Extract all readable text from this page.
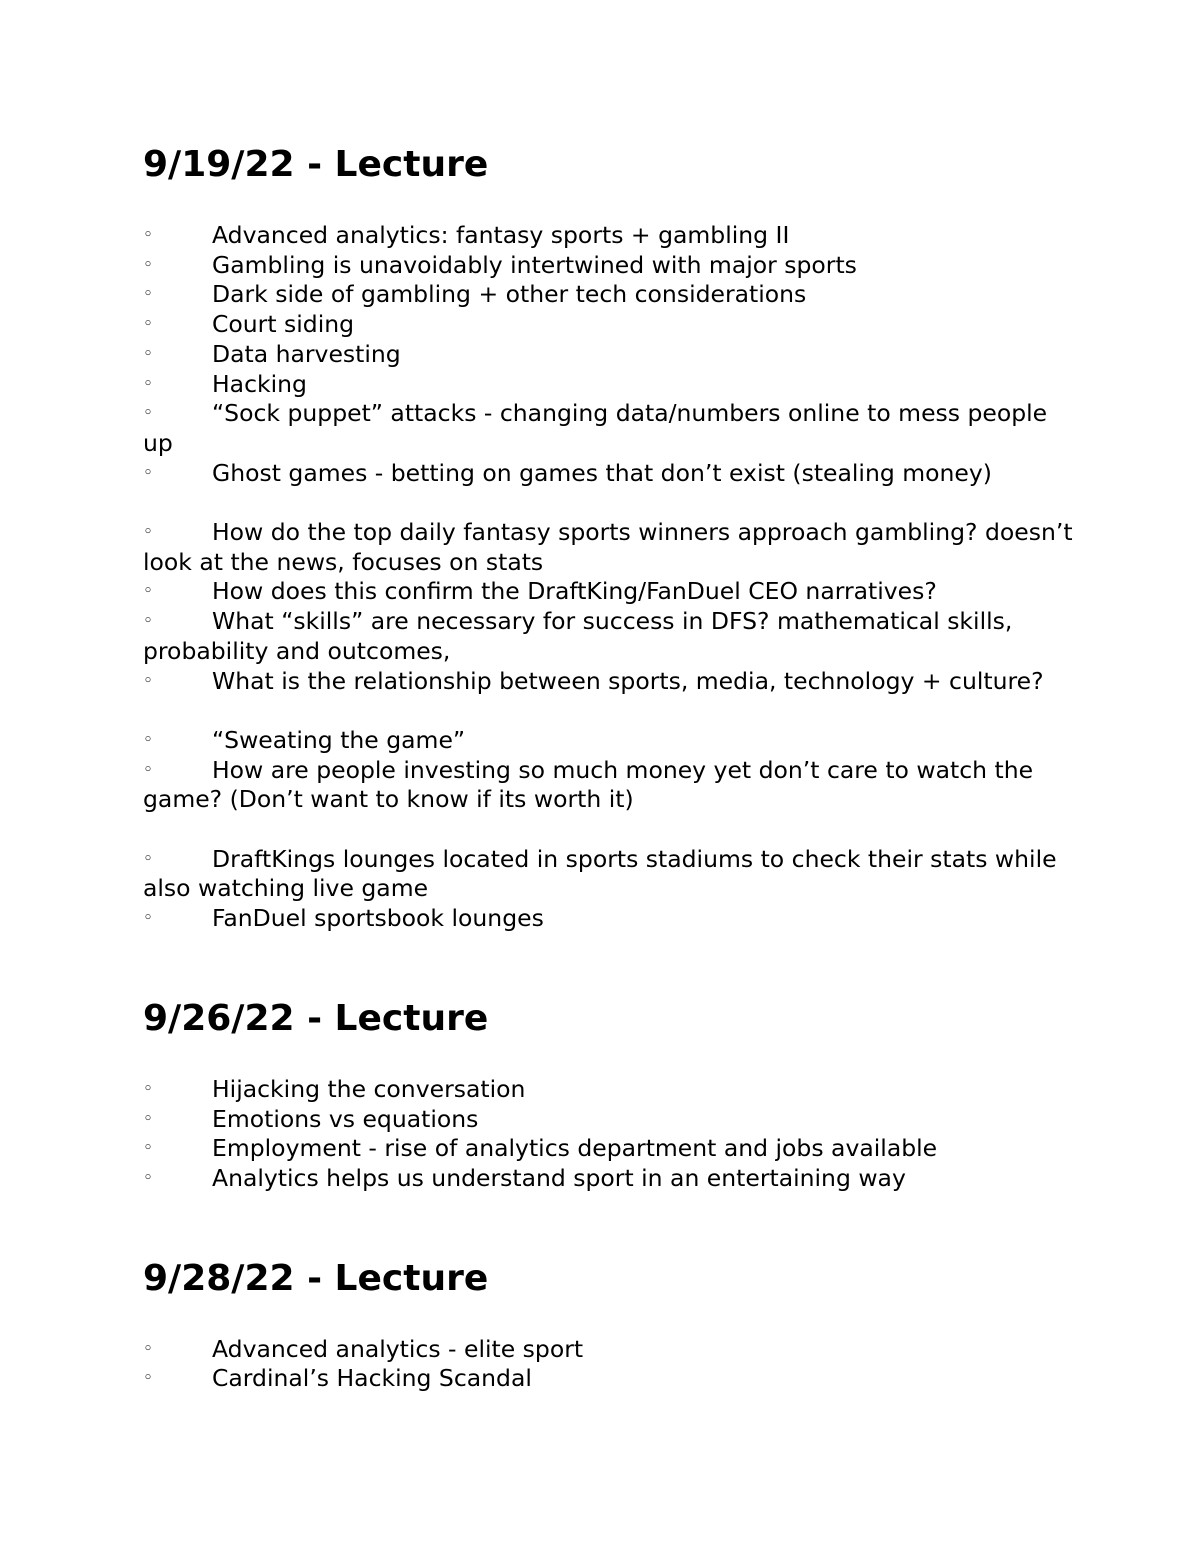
9/19/22 - Lecture
◦	Advanced analytics: fantasy sports + gambling II
◦	Gambling is unavoidably intertwined with major sports
◦	Dark side of gambling + other tech considerations
◦	Court siding
◦	Data harvesting
◦	Hacking
◦	“Sock puppet” attacks - changing data/numbers online to mess people up
◦	Ghost games - betting on games that don’t exist (stealing money)
◦	How do the top daily fantasy sports winners approach gambling? doesn’t look at the news, focuses on stats
◦	How does this confirm the DraftKing/FanDuel CEO narratives?
◦	What “skills” are necessary for success in DFS? mathematical skills, probability and outcomes,
◦	What is the relationship between sports, media, technology + culture?
◦	“Sweating the game”
◦	How are people investing so much money yet don’t care to watch the game? (Don’t want to know if its worth it)
◦	DraftKings lounges located in sports stadiums to check their stats while also watching live game
◦	FanDuel sportsbook lounges
9/26/22 - Lecture
◦	Hijacking the conversation
◦	Emotions vs equations
◦	Employment - rise of analytics department and jobs available
◦	Analytics helps us understand sport in an entertaining way
9/28/22 - Lecture
◦	Advanced analytics - elite sport
◦	Cardinal’s Hacking Scandal
